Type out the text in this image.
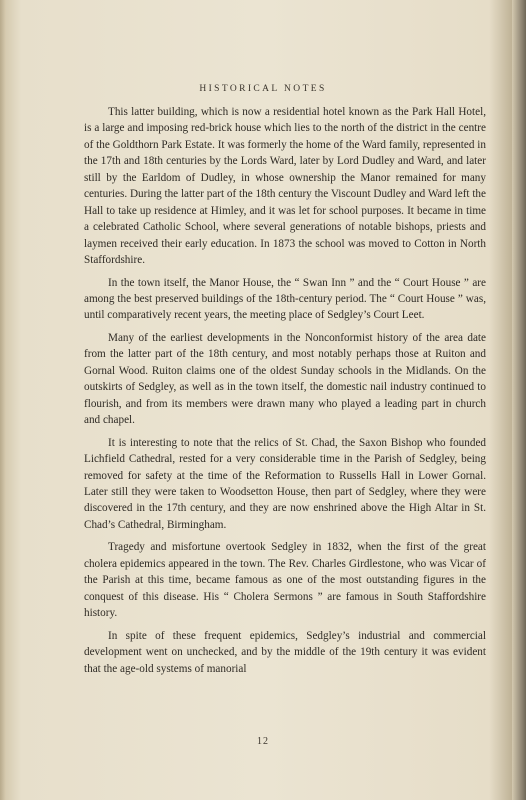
HISTORICAL NOTES

This latter building, which is now a residential hotel known as the Park Hall Hotel, is a large and imposing red-brick house which lies to the north of the district in the centre of the Goldthorn Park Estate. It was formerly the home of the Ward family, represented in the 17th and 18th centuries by the Lords Ward, later by Lord Dudley and Ward, and later still by the Earldom of Dudley, in whose ownership the Manor remained for many centuries. During the latter part of the 18th century the Viscount Dudley and Ward left the Hall to take up residence at Himley, and it was let for school purposes. It became in time a celebrated Catholic School, where several generations of notable bishops, priests and laymen received their early education. In 1873 the school was moved to Cotton in North Staffordshire.

In the town itself, the Manor House, the “ Swan Inn ” and the “ Court House ” are among the best preserved buildings of the 18th-century period. The “ Court House ” was, until comparatively recent years, the meeting place of Sedgley’s Court Leet.

Many of the earliest developments in the Nonconformist history of the area date from the latter part of the 18th century, and most notably perhaps those at Ruiton and Gornal Wood. Ruiton claims one of the oldest Sunday schools in the Midlands. On the outskirts of Sedgley, as well as in the town itself, the domestic nail industry continued to flourish, and from its members were drawn many who played a leading part in church and chapel.

It is interesting to note that the relics of St. Chad, the Saxon Bishop who founded Lichfield Cathedral, rested for a very considerable time in the Parish of Sedgley, being removed for safety at the time of the Reformation to Russells Hall in Lower Gornal. Later still they were taken to Woodsetton House, then part of Sedgley, where they were discovered in the 17th century, and they are now enshrined above the High Altar in St. Chad’s Cathedral, Birmingham.

Tragedy and misfortune overtook Sedgley in 1832, when the first of the great cholera epidemics appeared in the town. The Rev. Charles Girdlestone, who was Vicar of the Parish at this time, became famous as one of the most outstanding figures in the conquest of this disease. His “ Cholera Sermons ” are famous in South Staffordshire history.

In spite of these frequent epidemics, Sedgley’s industrial and commercial development went on unchecked, and by the middle of the 19th century it was evident that the age-old systems of manorial

12
